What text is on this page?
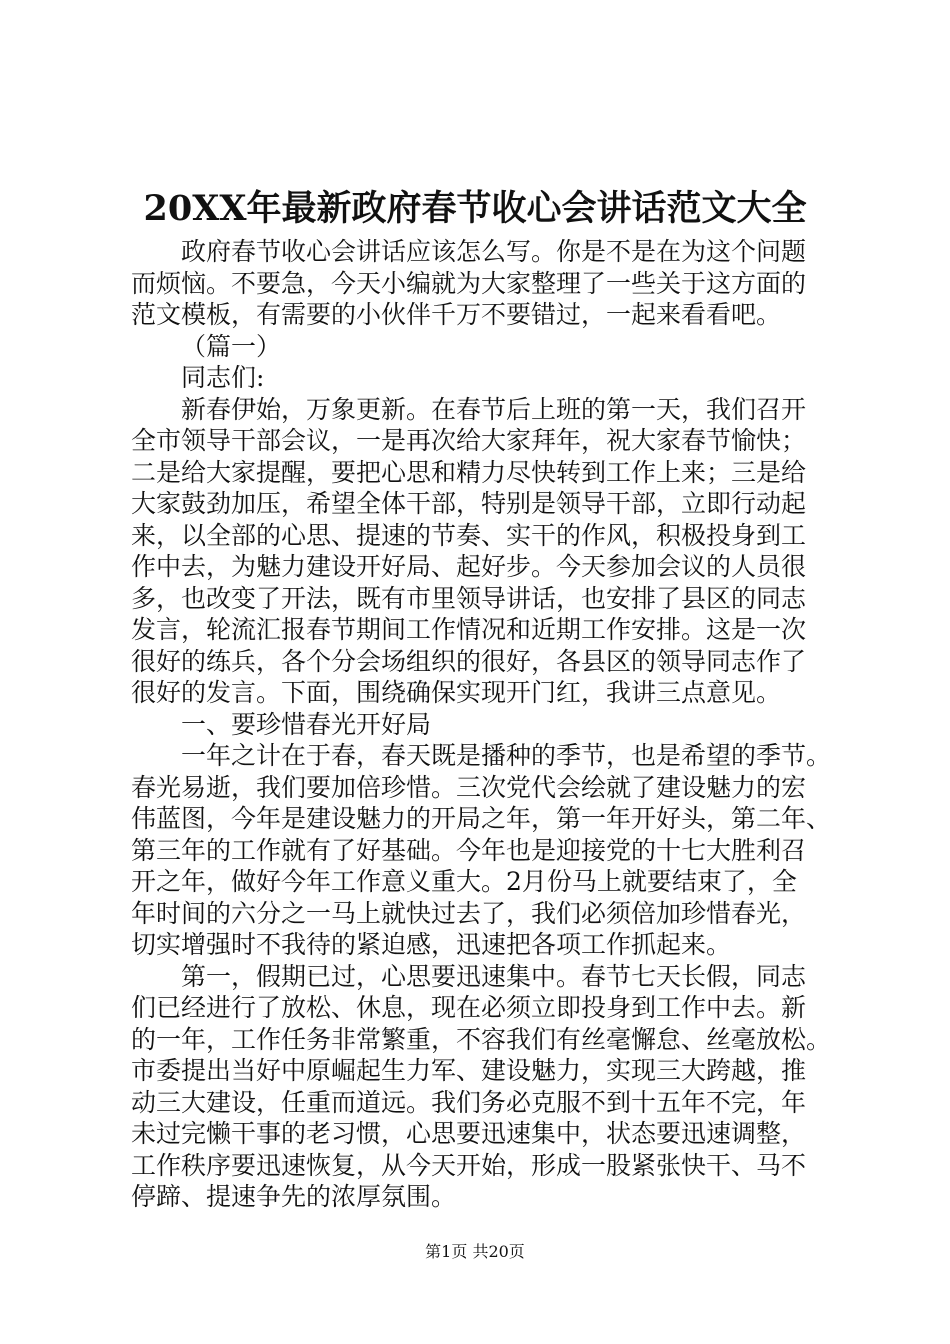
20XX年最新政府春节收心会讲话范文大全
政府春节收心会讲话应该怎么写。你是不是在为这个问题
而烦恼。不要急，今天小编就为大家整理了一些关于这方面的
范文模板，有需要的小伙伴千万不要错过，一起来看看吧。
（篇一）
同志们:
新春伊始，万象更新。在春节后上班的第一天，我们召开
全市领导干部会议，一是再次给大家拜年，祝大家春节愉快；
二是给大家提醒，要把心思和精力尽快转到工作上来；三是给
大家鼓劲加压，希望全体干部，特别是领导干部，立即行动起
来，以全部的心思、提速的节奏、实干的作风，积极投身到工
作中去，为魅力建设开好局、起好步。今天参加会议的人员很
多，也改变了开法，既有市里领导讲话，也安排了县区的同志
发言，轮流汇报春节期间工作情况和近期工作安排。这是一次
很好的练兵，各个分会场组织的很好，各县区的领导同志作了
很好的发言。下面，围绕确保实现开门红，我讲三点意见。
一、要珍惜春光开好局
一年之计在于春，春天既是播种的季节，也是希望的季节。
春光易逝，我们要加倍珍惜。三次党代会绘就了建设魅力的宏
伟蓝图，今年是建设魅力的开局之年，第一年开好头，第二年、
第三年的工作就有了好基础。今年也是迎接党的十七大胜利召
开之年，做好今年工作意义重大。2月份马上就要结束了，全
年时间的六分之一马上就快过去了，我们必须倍加珍惜春光，
切实增强时不我待的紧迫感，迅速把各项工作抓起来。
第一，假期已过，心思要迅速集中。春节七天长假，同志
们已经进行了放松、休息，现在必须立即投身到工作中去。新
的一年，工作任务非常繁重，不容我们有丝毫懈怠、丝毫放松。
市委提出当好中原崛起生力军、建设魅力，实现三大跨越，推
动三大建设，任重而道远。我们务必克服不到十五年不完，年
未过完懒干事的老习惯，心思要迅速集中，状态要迅速调整，
工作秩序要迅速恢复，从今天开始，形成一股紧张快干、马不
停蹄、提速争先的浓厚氛围。
第1页 共20页
